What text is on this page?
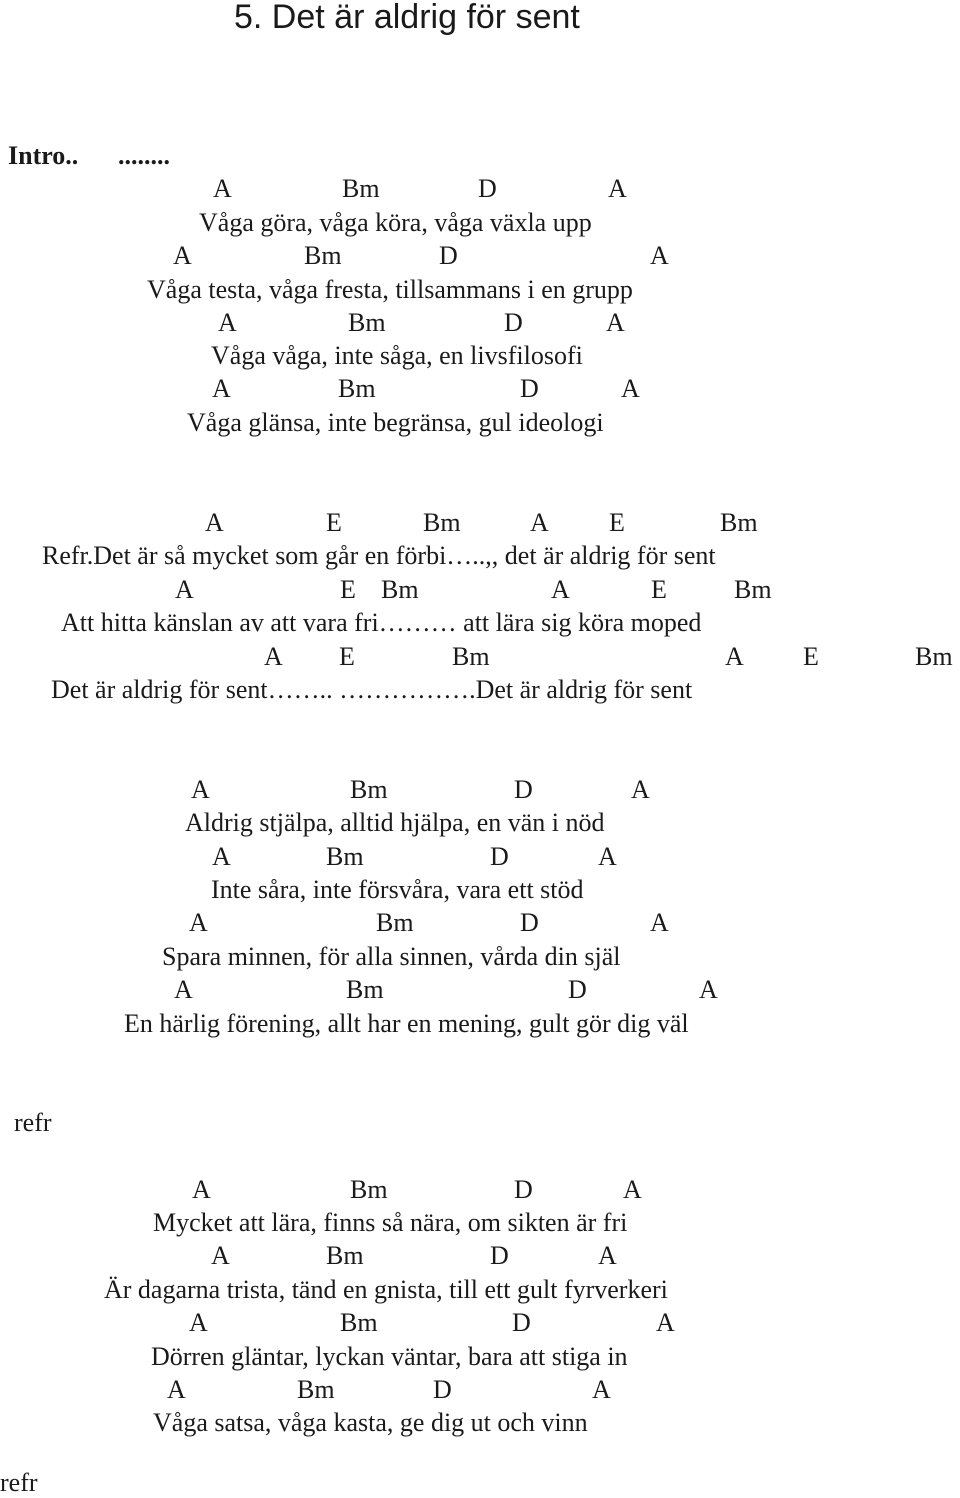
5. Det är aldrig för sent
Intro.. ........
A	Bm	D	A
Våga göra, våga köra, våga växla upp
A	Bm	D	A
Våga testa, våga fresta, tillsammans i en grupp
A	Bm	D	A
Våga våga, inte såga, en livsfilosofi
A	Bm	D	A
Våga glänsa, inte begränsa, gul ideologi
A	E	Bm	A E	Bm
Refr.Det är så mycket som går en förbi…..,, det är aldrig för sent
A	E Bm	A	E	Bm
Att hitta känslan av att vara fri……… att lära sig köra moped
A E	Bm	A E	Bm
Det är aldrig för sent…….. …………….Det är aldrig för sent
A	Bm	D	A
Aldrig stjälpa, alltid hjälpa, en vän i nöd
A	Bm	D	A
Inte såra, inte försvåra, vara ett stöd
A	Bm	D	A
Spara minnen, för alla sinnen, vårda din själ
A	Bm	D	A
En härlig förening, allt har en mening, gult gör dig väl
refr
A	Bm	D	A
Mycket att lära, finns så nära, om sikten är fri
A	Bm	D	A
Är dagarna trista, tänd en gnista, till ett gult fyrverkeri
A	Bm	D	A
Dörren gläntar, lyckan väntar, bara att stiga in
A	Bm	D	A
Våga satsa, våga kasta, ge dig ut och vinn
refr
